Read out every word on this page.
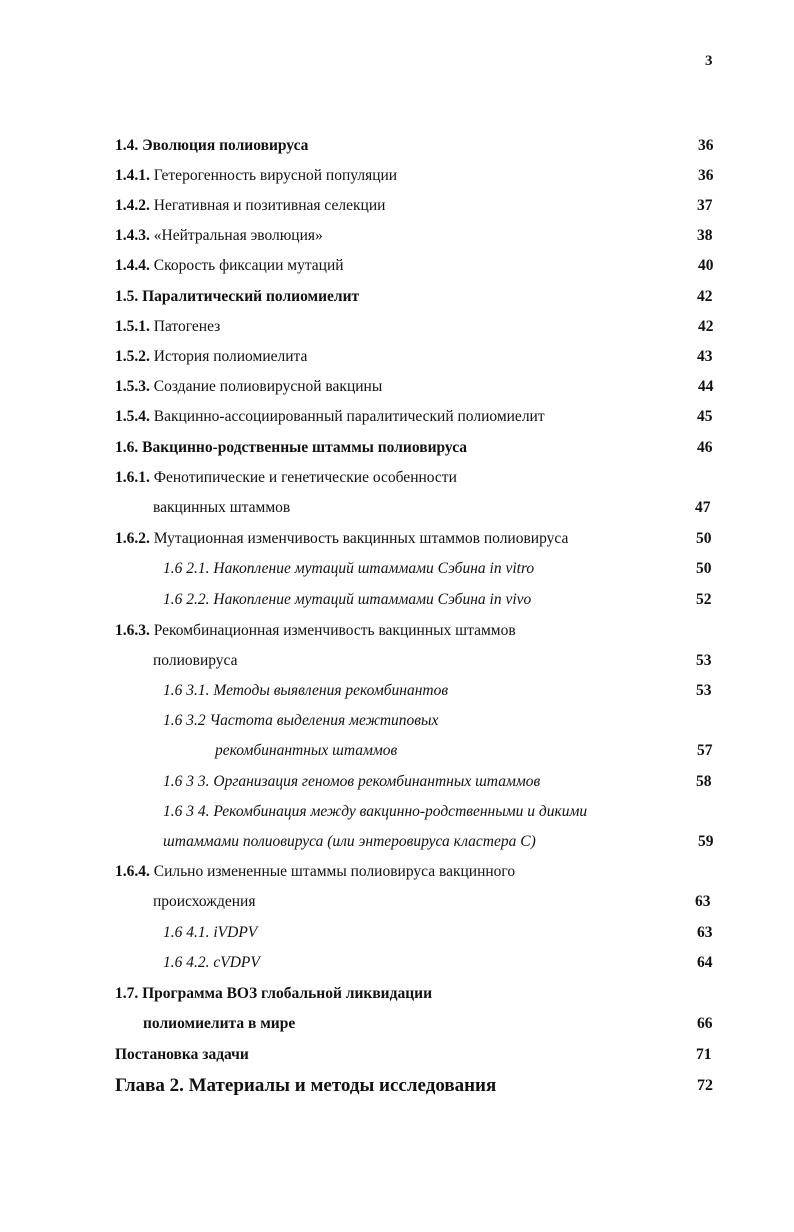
3
1.4. Эволюция полиовируса	36
1.4.1. Гетерогенность вирусной популяции	36
1.4.2. Негативная и позитивная селекции	37
1.4.3. «Нейтральная эволюция»	38
1.4.4. Скорость фиксации мутаций	40
1.5. Паралитический полиомиелит	42
1.5.1. Патогенез	42
1.5.2. История полиомиелита	43
1.5.3. Создание полиовирусной вакцины	44
1.5.4. Вакцинно-ассоциированный паралитический полиомиелит	45
1.6. Вакцинно-родственные штаммы полиовируса	46
1.6.1. Фенотипические и генетические особенности
вакцинных штаммов	47
1.6.2. Мутационная изменчивость вакцинных штаммов полиовируса	50
1.6 2.1. Накопление мутаций штаммами Сэбина in vitro	50
1.6 2.2. Накопление мутаций штаммами Сэбина in vivo	52
1.6.3. Рекомбинационная изменчивость вакцинных штаммов
полиовируса	53
1.6 3.1. Методы выявления рекомбинантов	53
1.6 3.2 Частота выделения межтиповых
рекомбинантных штаммов	57
1.6 3 3. Организация геномов рекомбинантных штаммов	58
1.6 3 4. Рекомбинация между вакцинно-родственными и дикими
штаммами полиовируса (или энтеровируса кластера С)	59
1.6.4. Сильно измененные штаммы полиовируса вакцинного
происхождения	63
1.6 4.1. iVDPV	63
1.6 4.2. cVDPV	64
1.7. Программа ВОЗ глобальной ликвидации
полиомиелита в мире	66
Постановка задачи	71
Глава 2. Материалы и методы исследования	72
